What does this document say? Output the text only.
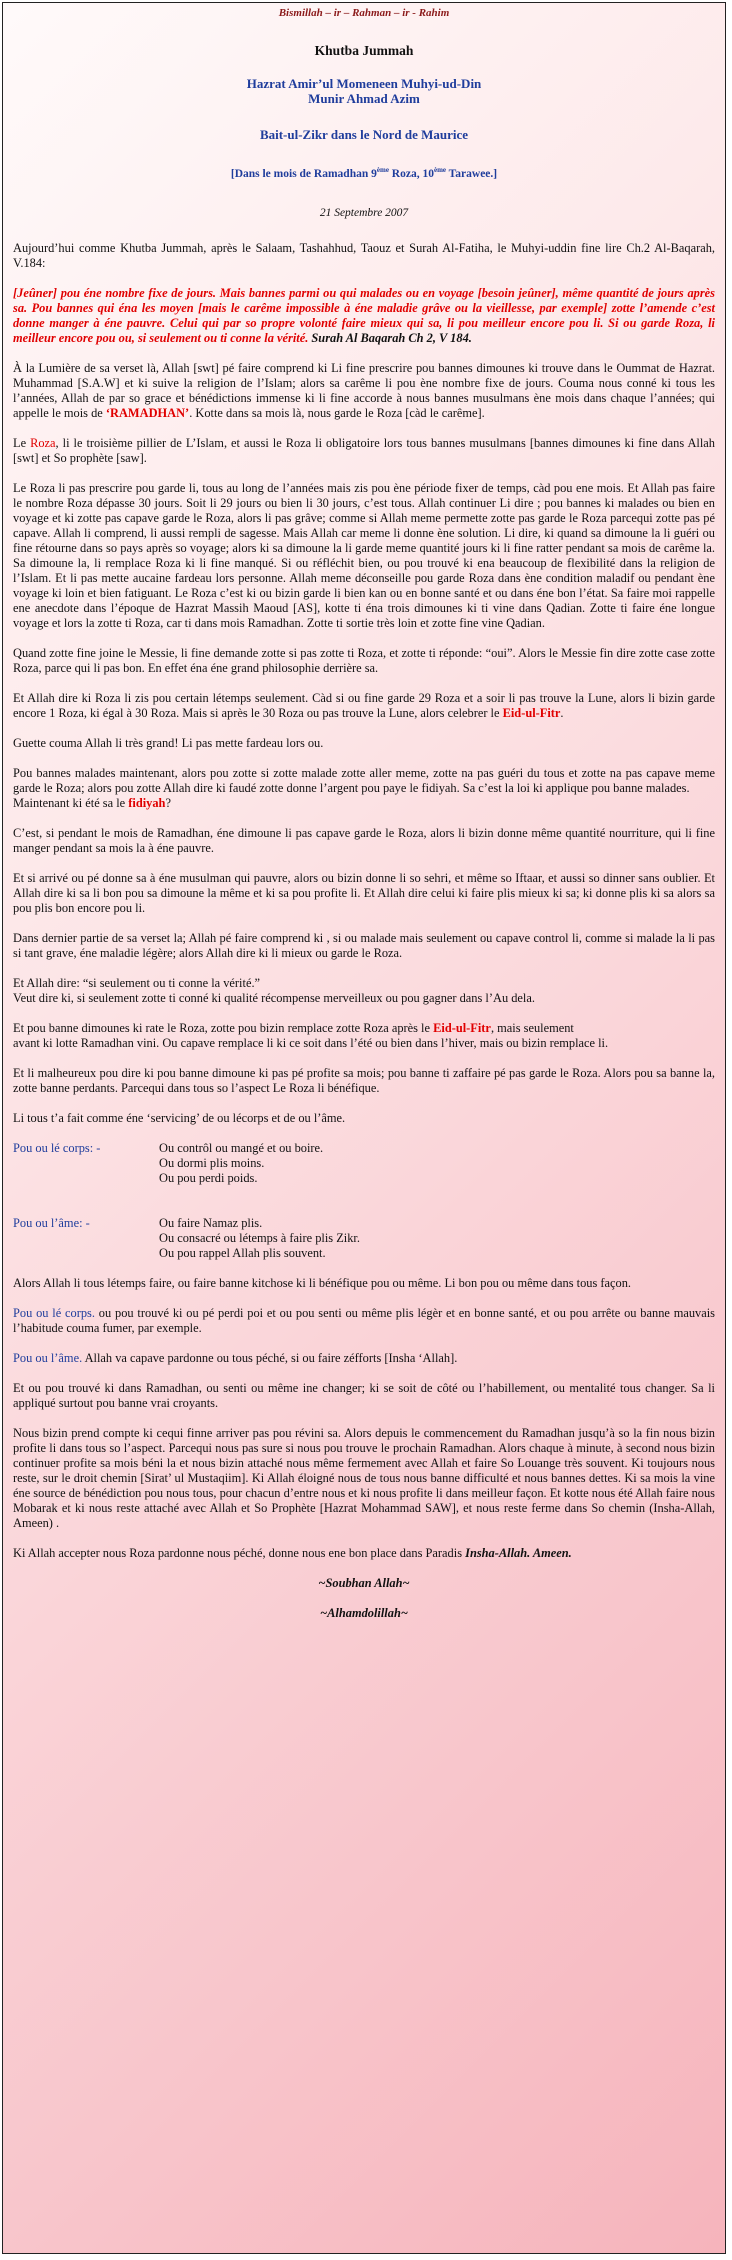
Bismillah – ir – Rahman – ir - Rahim
Khutba Jummah
Hazrat Amir’ul Momeneen Muhyi-ud-Din
Munir Ahmad Azim
Bait-ul-Zikr dans le Nord de Maurice
[Dans le mois de Ramadhan 9ème Roza, 10ème Tarawee.]
21 Septembre 2007

Aujourd’hui comme Khutba Jummah, après le Salaam, Tashahhud, Taouz et Surah Al-Fatiha, le Muhyi-uddin fine lire Ch.2 Al-Baqarah, V.184:

[Jeûner] pou éne nombre fixe de jours. Mais bannes parmi ou qui malades ou en voyage [besoin jeûner], même quantité de jours après sa. Pou bannes qui éna les moyen [mais le carême impossible à éne maladie grâve ou la vieillesse, par exemple] zotte l’amende c’est donne manger à éne pauvre. Celui qui par so propre volonté faire mieux qui sa, li pou meilleur encore pou li. Si ou garde Roza, li meilleur encore pou ou, si seulement ou ti conne la vérité. Surah Al Baqarah Ch 2, V 184.

À la Lumière de sa verset là, Allah [swt] pé faire comprend ki Li fine prescrire pou bannes dimounes ki trouve dans le Oummat de Hazrat. Muhammad [S.A.W] et ki suive la religion de l’Islam; alors sa carême li pou ène nombre fixe de jours. Couma nous conné ki tous les l’années, Allah de par so grace et bénédictions immense ki li fine accorde à nous bannes musulmans ène mois dans chaque l’années; qui appelle le mois de ‘RAMADHAN’. Kotte dans sa mois là, nous garde le Roza [càd le carême].

Le Roza, li le troisième pillier de L’Islam, et aussi le Roza li obligatoire lors tous bannes musulmans [bannes dimounes ki fine dans Allah [swt] et So prophète [saw].

Le Roza li pas prescrire pou garde li, tous au long de l’années mais zis pou ène période fixer de temps, càd pou ene mois. Et Allah pas faire le nombre Roza dépasse 30 jours. Soit li 29 jours ou bien li 30 jours, c’est tous. Allah continuer Li dire ; pou bannes ki malades ou bien en voyage et ki zotte pas capave garde le Roza, alors li pas grâve; comme si Allah meme permette zotte pas garde le Roza parcequi zotte pas pé capave. Allah li comprend, li aussi rempli de sagesse. Mais Allah car meme li donne ène solution. Li dire, ki quand sa dimoune la li guéri ou fine rétourne dans so pays après so voyage; alors ki sa dimoune la li garde meme quantité jours ki li fine ratter pendant sa mois de carême la. Sa dimoune la, li remplace Roza ki li fine manqué. Si ou réfléchit bien, ou pou trouvé ki ena beaucoup de flexibilité dans la religion de l’Islam. Et li pas mette aucaine fardeau lors personne. Allah meme déconseille pou garde Roza dans ène condition maladif ou pendant ène voyage ki loin et bien fatiguant. Le Roza c’est ki ou bizin garde li bien kan ou en bonne santé et ou dans éne bon l’état. Sa faire moi rappelle ene anecdote dans l’époque de Hazrat Massih Maoud [AS], kotte ti éna trois dimounes ki ti vine dans Qadian. Zotte ti faire éne longue voyage et lors la zotte ti Roza, car ti dans mois Ramadhan. Zotte ti sortie très loin et zotte fine vine Qadian.

Quand zotte fine joine le Messie, li fine demande zotte si pas zotte ti Roza, et zotte ti réponde: “oui”. Alors le Messie fin dire zotte case zotte Roza, parce qui li pas bon. En effet éna éne grand philosophie derrière sa.

Et Allah dire ki Roza li zis pou certain létemps seulement. Càd si ou fine garde 29 Roza et a soir li pas trouve la Lune, alors li bizin garde encore 1 Roza, ki égal à 30 Roza. Mais si après le 30 Roza ou pas trouve la Lune, alors celebrer le Eid-ul-Fitr.

Guette couma Allah li très grand! Li pas mette fardeau lors ou.

Pou bannes malades maintenant, alors pou zotte si zotte malade zotte aller meme, zotte na pas guéri du tous et zotte na pas capave meme garde le Roza; alors pou zotte Allah dire ki faudé zotte donne l’argent pou paye le fidiyah. Sa c’est la loi ki applique pou banne malades.
Maintenant ki été sa le fidiyah?

C’est, si pendant le mois de Ramadhan, éne dimoune li pas capave garde le Roza, alors li bizin donne même quantité nourriture, qui li fine manger pendant sa mois la à éne pauvre.

Et si arrivé ou pé donne sa à éne musulman qui pauvre, alors ou bizin donne li so sehri, et même so Iftaar, et aussi so dinner sans oublier. Et Allah dire ki sa li bon pou sa dimoune la même et ki sa pou profite li. Et Allah dire celui ki faire plis mieux ki sa; ki donne plis ki sa alors sa pou plis bon encore pou li.

Dans dernier partie de sa verset la; Allah pé faire comprend ki , si ou malade mais seulement ou capave control li, comme si malade la li pas si tant grave, éne maladie légère; alors Allah dire ki li mieux ou garde le Roza.

Et Allah dire: “si seulement ou ti conne la vérité.”
Veut dire ki, si seulement zotte ti conné ki qualité récompense merveilleux ou pou gagner dans l’Au dela.

Et pou banne dimounes ki rate le Roza, zotte pou bizin remplace zotte Roza après le Eid-ul-Fitr, mais seulement
avant ki lotte Ramadhan vini. Ou capave remplace li ki ce soit dans l’été ou bien dans l’hiver, mais ou bizin remplace li.

Et li malheureux pou dire ki pou banne dimoune ki pas pé profite sa mois; pou banne ti zaffaire pé pas garde le Roza. Alors pou sa banne la, zotte banne perdants. Parcequi dans tous so l’aspect Le Roza li bénéfique.

Li tous t’a fait comme éne ‘servicing’ de ou lécorps et de ou l’âme.

Pou ou lé corps: -	Ou contrôl ou mangé et ou boire.
Ou dormi plis moins.
Ou pou perdi poids.
Pou ou l’âme: -	Ou faire Namaz plis.
Ou consacré ou létemps à faire plis Zikr.
Ou pou rappel Allah plis souvent.

Alors Allah li tous létemps faire, ou faire banne kitchose ki li bénéfique pou ou même. Li bon pou ou même dans tous façon.

Pou ou lé corps. ou pou trouvé ki ou pé perdi poi et ou pou senti ou même plis légèr et en bonne santé, et ou pou arrête ou banne mauvais l’habitude couma fumer, par exemple.

Pou ou l’âme. Allah va capave pardonne ou tous péché, si ou faire zéfforts [Insha ‘Allah].

Et ou pou trouvé ki dans Ramadhan, ou senti ou même ine changer; ki se soit de côté ou l’habillement, ou mentalité tous changer. Sa li appliqué surtout pou banne vrai croyants.

Nous bizin prend compte ki cequi finne arriver pas pou révini sa. Alors depuis le commencement du Ramadhan jusqu’à so la fin nous bizin profite li dans tous so l’aspect. Parcequi nous pas sure si nous pou trouve le prochain Ramadhan. Alors chaque à minute, à second nous bizin continuer profite sa mois béni la et nous bizin attaché nous même fermement avec Allah et faire So Louange très souvent. Ki toujours nous reste, sur le droit chemin [Sirat’ ul Mustaqiim]. Ki Allah éloigné nous de tous nous banne difficulté et nous bannes dettes. Ki sa mois la vine éne source de bénédiction pou nous tous, pour chacun d’entre nous et ki nous profite li dans meilleur façon. Et kotte nous été Allah faire nous Mobarak et ki nous reste attaché avec Allah et So Prophète [Hazrat Mohammad SAW], et nous reste ferme dans So chemin (Insha-Allah, Ameen) .

Ki Allah accepter nous Roza pardonne nous péché, donne nous ene bon place dans Paradis Insha-Allah. Ameen.

~Soubhan Allah~
~Alhamdolillah~
